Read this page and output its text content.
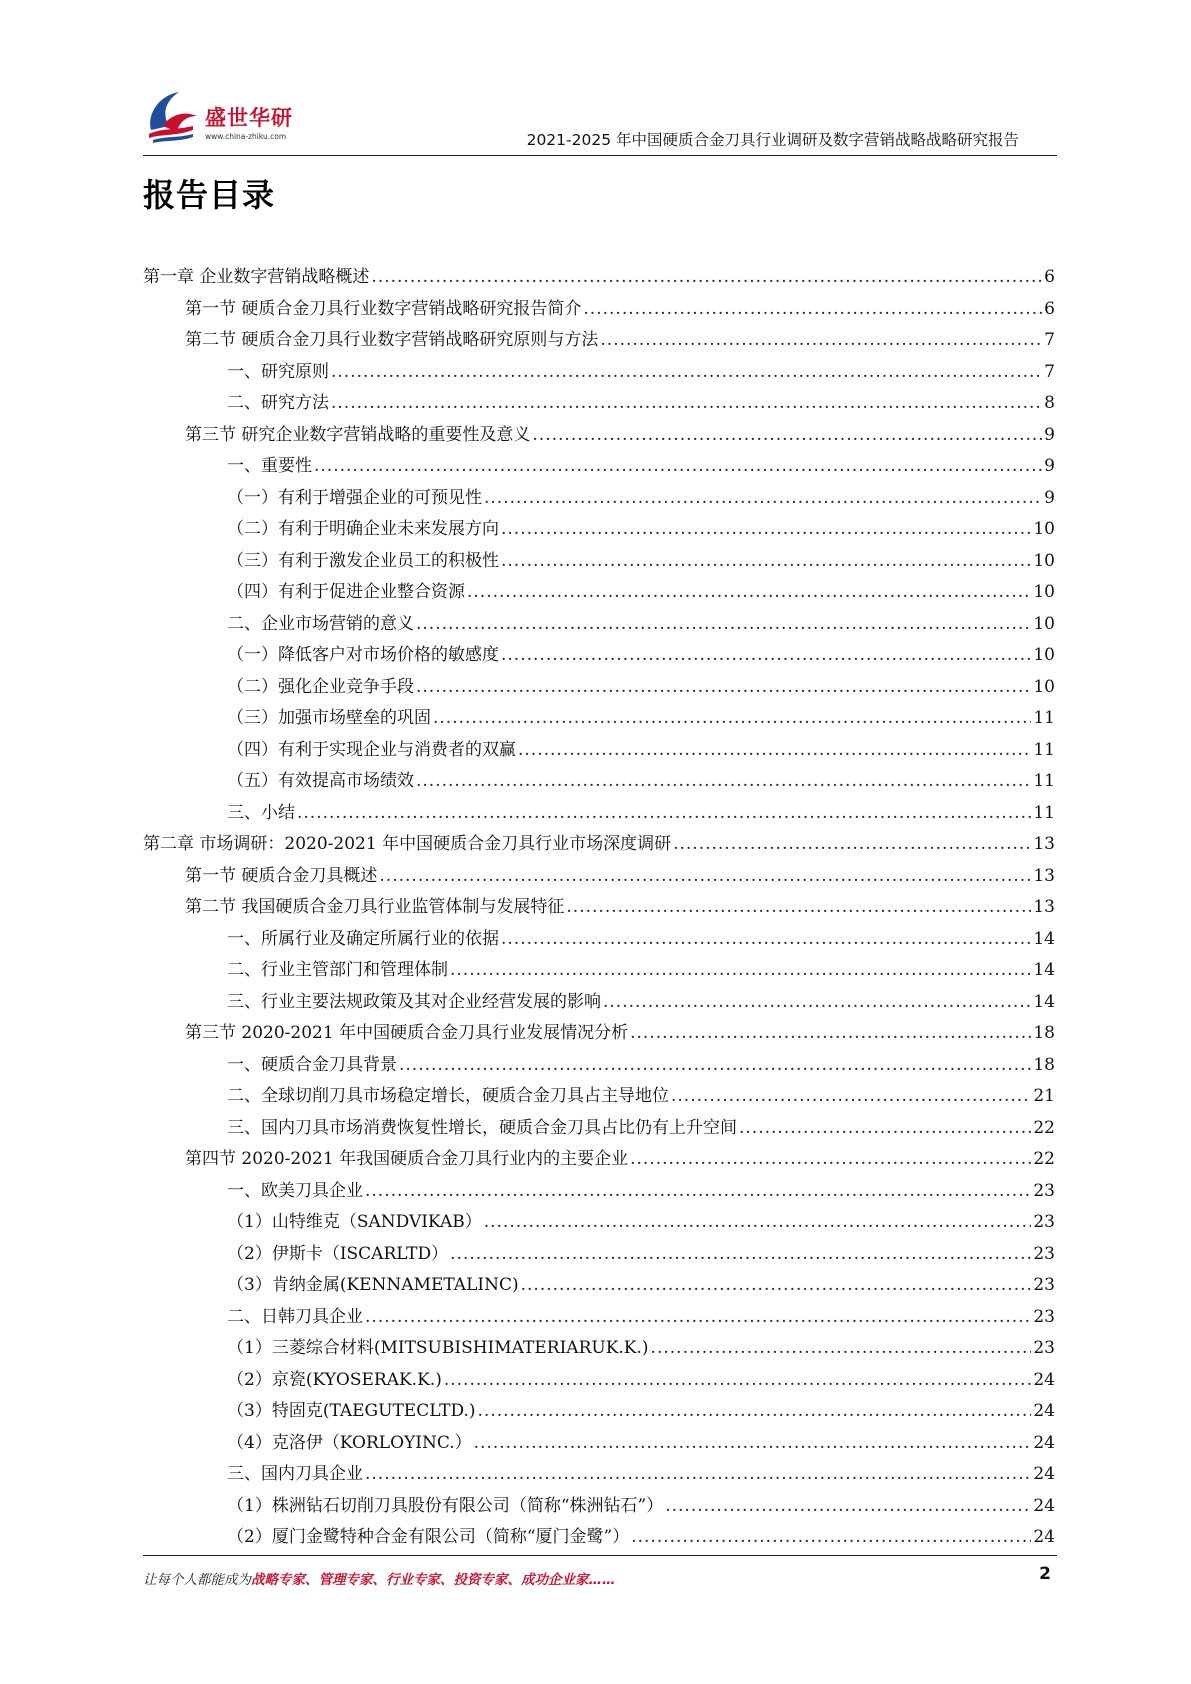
盛世华研
www.china-zhiku.com	2021-2025 年中国硬质合金刀具行业调研及数字营销战略战略研究报告
报告目录
第一章 企业数字营销战略概述 .....	6
第一节 硬质合金刀具行业数字营销战略研究报告简介 .....	6
第二节 硬质合金刀具行业数字营销战略研究原则与方法 .....	7
一、研究原则 .....	7
二、研究方法 .....	8
第三节 研究企业数字营销战略的重要性及意义 .....	9
一、重要性 .....	9
（一）有利于增强企业的可预见性 .....	9
（二）有利于明确企业未来发展方向 .....	10
（三）有利于激发企业员工的积极性 .....	10
（四）有利于促进企业整合资源 .....	10
二、企业市场营销的意义 .....	10
（一）降低客户对市场价格的敏感度 .....	10
（二）强化企业竞争手段 .....	10
（三）加强市场壁垒的巩固 .....	11
（四）有利于实现企业与消费者的双赢 .....	11
（五）有效提高市场绩效 .....	11
三、小结 .....	11
第二章 市场调研：2020-2021 年中国硬质合金刀具行业市场深度调研 .....	13
第一节 硬质合金刀具概述 .....	13
第二节 我国硬质合金刀具行业监管体制与发展特征 .....	13
一、所属行业及确定所属行业的依据 .....	14
二、行业主管部门和管理体制 .....	14
三、行业主要法规政策及其对企业经营发展的影响 .....	14
第三节 2020-2021 年中国硬质合金刀具行业发展情况分析 .....	18
一、硬质合金刀具背景 .....	18
二、全球切削刀具市场稳定增长，硬质合金刀具占主导地位 .....	21
三、国内刀具市场消费恢复性增长，硬质合金刀具占比仍有上升空间 .....	22
第四节 2020-2021 年我国硬质合金刀具行业内的主要企业 .....	22
一、欧美刀具企业 .....	23
（1）山特维克（SANDVIKAB） .....	23
（2）伊斯卡（ISCARLTD） .....	23
（3）肯纳金属(KENNAMETALINC) .....	23
二、日韩刀具企业 .....	23
（1）三菱综合材料(MITSUBISHIMATERIARUK.K.) .....	23
（2）京瓷(KYOSERAK.K.) .....	24
（3）特固克(TAEGUTECLTD.) .....	24
（4）克洛伊（KORLOYINC.） .....	24
三、国内刀具企业 .....	24
（1）株洲钻石切削刀具股份有限公司（简称“株洲钻石”） .....	24
（2）厦门金鹭特种合金有限公司（简称“厦门金鹭”） .....	24
让每个人都能成为战略专家、管理专家、行业专家、投资专家、成功企业家……	2
